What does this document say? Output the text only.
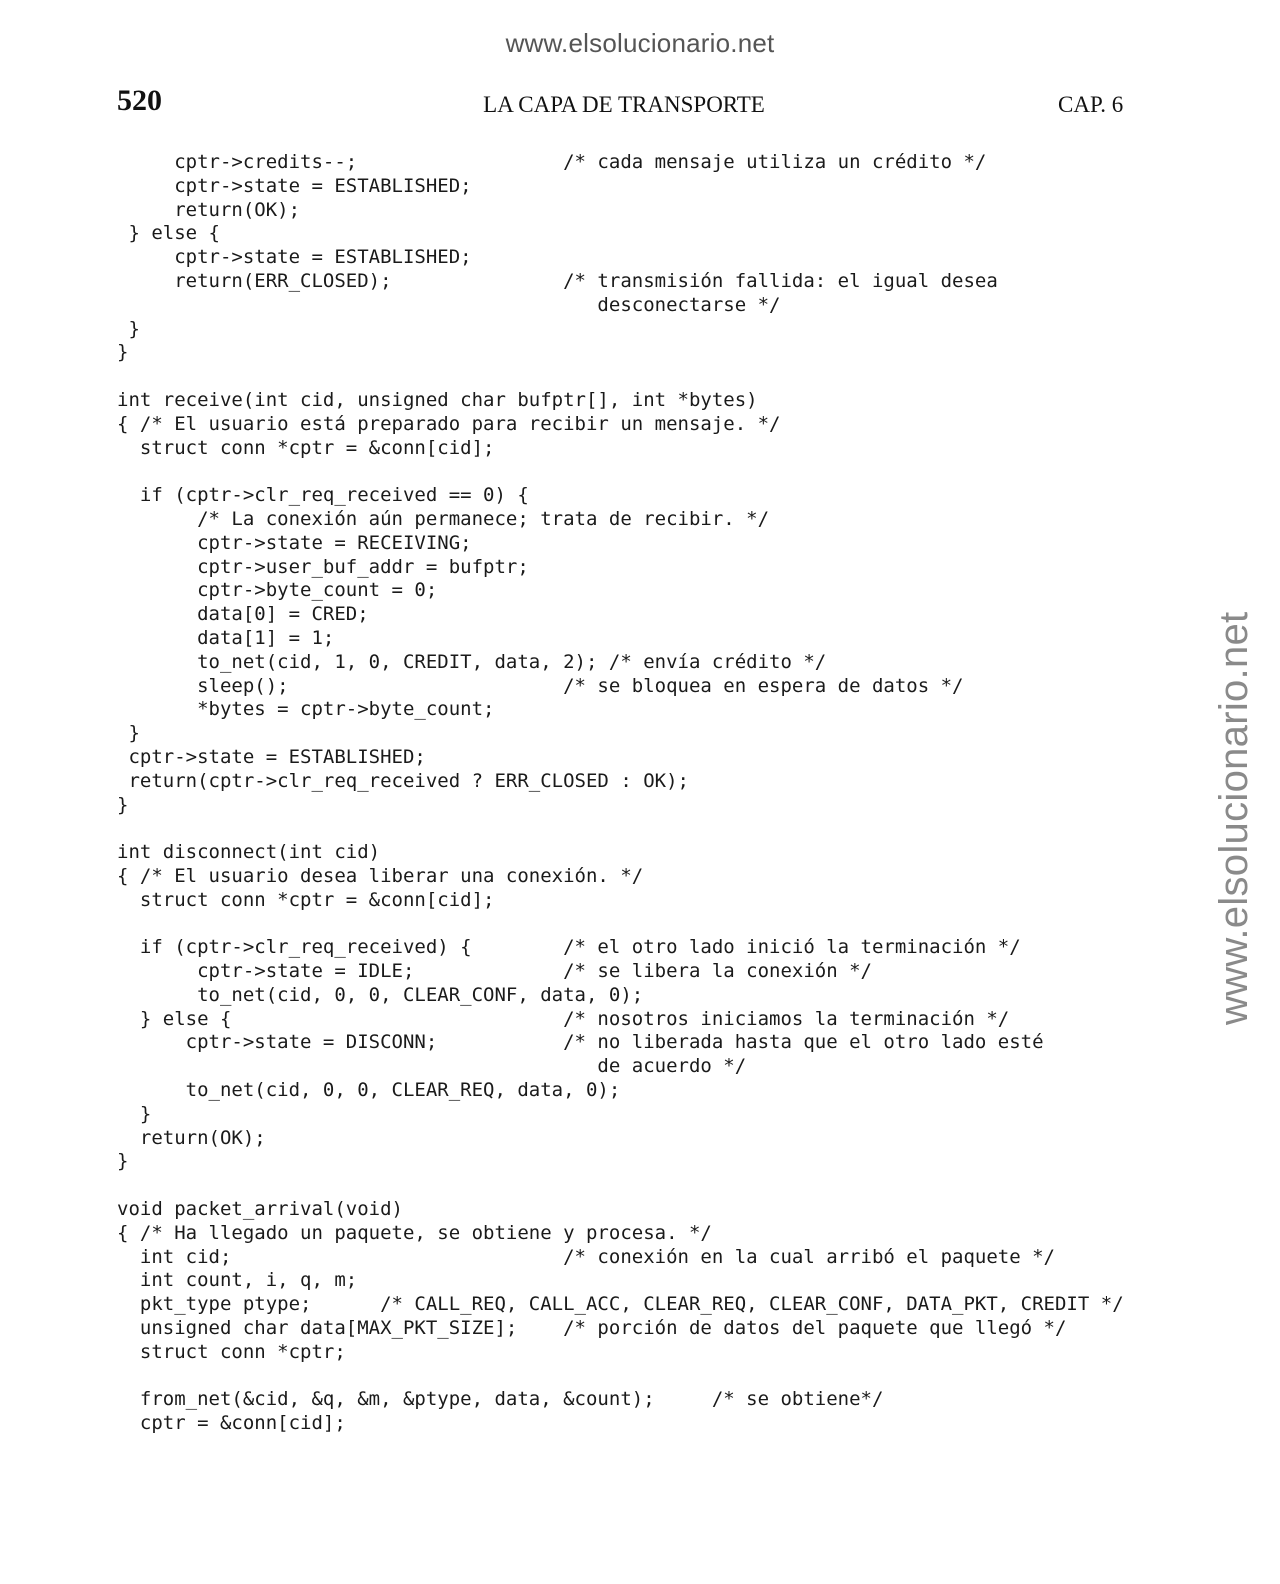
www.elsolucionario.net
520	LA CAPA DE TRANSPORTE	CAP. 6
cptr->credits--;                  /* cada mensaje utiliza un crédito */
cptr->state = ESTABLISHED;
return(OK);
} else {
cptr->state = ESTABLISHED;
return(ERR_CLOSED);               /* transmisión fallida: el igual desea
desconectarse */
}
}
int receive(int cid, unsigned char bufptr[], int *bytes)
{ /* El usuario está preparado para recibir un mensaje. */
struct conn *cptr = &conn[cid];
if (cptr->clr_req_received == 0) {
/* La conexión aún permanece; trata de recibir. */
cptr->state = RECEIVING;
cptr->user_buf_addr = bufptr;
cptr->byte_count = 0;
data[0] = CRED;
data[1] = 1;
to_net(cid, 1, 0, CREDIT, data, 2); /* envía crédito */
sleep();                        /* se bloquea en espera de datos */
*bytes = cptr->byte_count;
}
cptr->state = ESTABLISHED;
return(cptr->clr_req_received ? ERR_CLOSED : OK);
}
int disconnect(int cid)
{ /* El usuario desea liberar una conexión. */
struct conn *cptr = &conn[cid];
if (cptr->clr_req_received) {        /* el otro lado inició la terminación */
cptr->state = IDLE;             /* se libera la conexión */
to_net(cid, 0, 0, CLEAR_CONF, data, 0);
} else {                             /* nosotros iniciamos la terminación */
cptr->state = DISCONN;           /* no liberada hasta que el otro lado esté
de acuerdo */
to_net(cid, 0, 0, CLEAR_REQ, data, 0);
}
return(OK);
}
void packet_arrival(void)
{ /* Ha llegado un paquete, se obtiene y procesa. */
int cid;                             /* conexión en la cual arribó el paquete */
int count, i, q, m;
pkt_type ptype;      /* CALL_REQ, CALL_ACC, CLEAR_REQ, CLEAR_CONF, DATA_PKT, CREDIT */
unsigned char data[MAX_PKT_SIZE];    /* porción de datos del paquete que llegó */
struct conn *cptr;
from_net(&cid, &q, &m, &ptype, data, &count);     /* se obtiene*/
cptr = &conn[cid];
www.elsolucionario.net
